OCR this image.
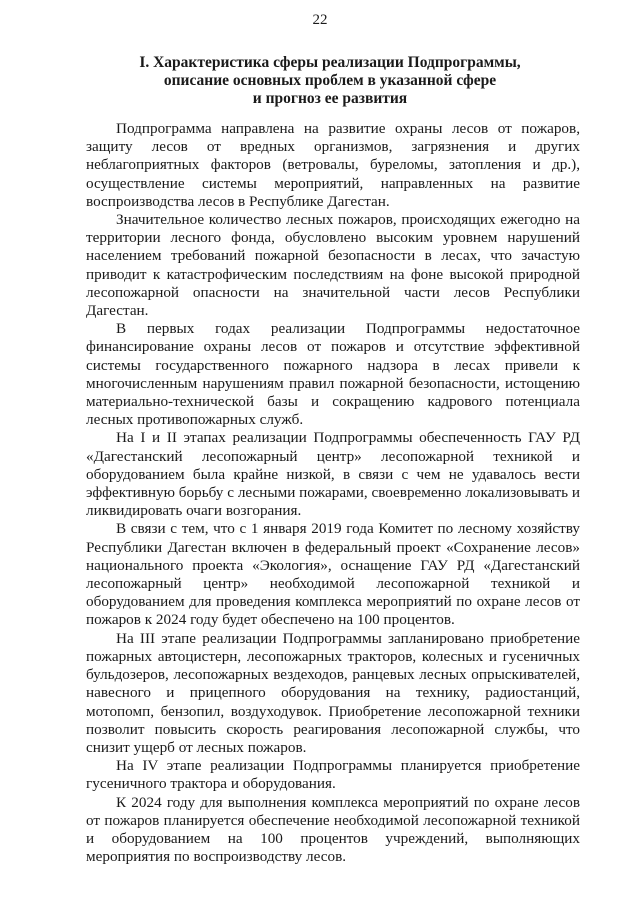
22
I. Характеристика сферы реализации Подпрограммы,
описание основных проблем в указанной сфере
и прогноз ее развития

Подпрограмма направлена на развитие охраны лесов от пожаров, защиту лесов от вредных организмов, загрязнения и других неблагоприятных факторов (ветровалы, буреломы, затопления и др.), осуществление системы мероприятий, направленных на развитие воспроизводства лесов в Республике Дагестан.

Значительное количество лесных пожаров, происходящих ежегодно на территории лесного фонда, обусловлено высоким уровнем нарушений населением требований пожарной безопасности в лесах, что зачастую приводит к катастрофическим последствиям на фоне высокой природной лесопожарной опасности на значительной части лесов Республики Дагестан.

В первых годах реализации Подпрограммы недостаточное финансирование охраны лесов от пожаров и отсутствие эффективной системы государственного пожарного надзора в лесах привели к многочисленным нарушениям правил пожарной безопасности, истощению материально-технической базы и сокращению кадрового потенциала лесных противопожарных служб.

На I и II этапах реализации Подпрограммы обеспеченность ГАУ РД «Дагестанский лесопожарный центр» лесопожарной техникой и оборудованием была крайне низкой, в связи с чем не удавалось вести эффективную борьбу с лесными пожарами, своевременно локализовывать и ликвидировать очаги возгорания.

В связи с тем, что с 1 января 2019 года Комитет по лесному хозяйству Республики Дагестан включен в федеральный проект «Сохранение лесов» национального проекта «Экология», оснащение ГАУ РД «Дагестанский лесопожарный центр» необходимой лесопожарной техникой и оборудованием для проведения комплекса мероприятий по охране лесов от пожаров к 2024 году будет обеспечено на 100 процентов.

На III этапе реализации Подпрограммы запланировано приобретение пожарных автоцистерн, лесопожарных тракторов, колесных и гусеничных бульдозеров, лесопожарных вездеходов, ранцевых лесных опрыскивателей, навесного и прицепного оборудования на технику, радиостанций, мотопомп, бензопил, воздуходувок. Приобретение лесопожарной техники позволит повысить скорость реагирования лесопожарной службы, что снизит ущерб от лесных пожаров.

На IV этапе реализации Подпрограммы планируется приобретение гусеничного трактора и оборудования.

К 2024 году для выполнения комплекса мероприятий по охране лесов от пожаров планируется обеспечение необходимой лесопожарной техникой и оборудованием на 100 процентов учреждений, выполняющих мероприятия по воспроизводству лесов.
